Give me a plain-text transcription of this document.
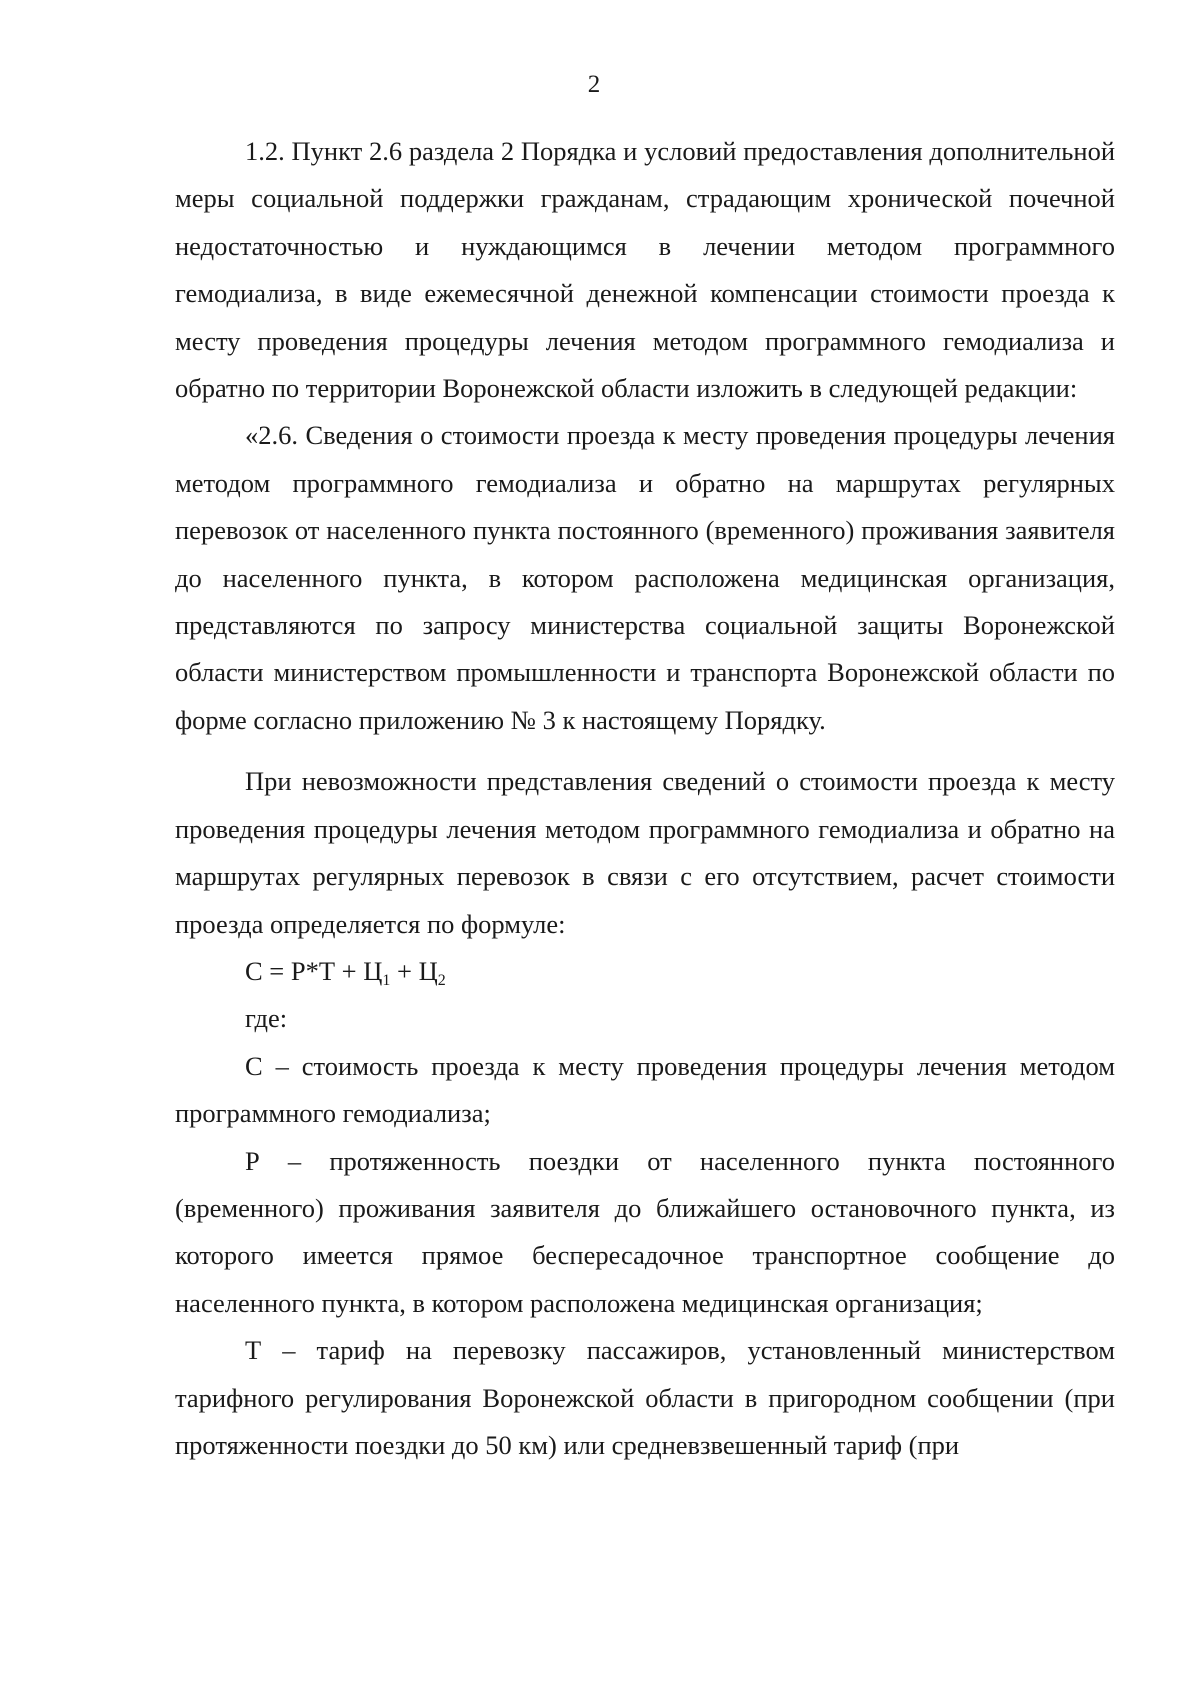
2

1.2. Пункт 2.6 раздела 2 Порядка и условий предоставления дополнительной меры социальной поддержки гражданам, страдающим хронической почечной недостаточностью и нуждающимся в лечении методом программного гемодиализа, в виде ежемесячной денежной компенсации стоимости проезда к месту проведения процедуры лечения методом программного гемодиализа и обратно по территории Воронежской области изложить в следующей редакции:

«2.6. Сведения о стоимости проезда к месту проведения процедуры лечения методом программного гемодиализа и обратно на маршрутах регулярных перевозок от населенного пункта постоянного (временного) проживания заявителя до населенного пункта, в котором расположена медицинская организация, представляются по запросу министерства социальной защиты Воронежской области министерством промышленности и транспорта Воронежской области по форме согласно приложению № 3 к настоящему Порядку.

При невозможности представления сведений о стоимости проезда к месту проведения процедуры лечения методом программного гемодиализа и обратно на маршрутах регулярных перевозок в связи с его отсутствием, расчет стоимости проезда определяется по формуле:

$С = Р*Т + Ц_1 + Ц_2$

где:

С – стоимость проезда к месту проведения процедуры лечения методом программного гемодиализа;

Р – протяженность поездки от населенного пункта постоянного (временного) проживания заявителя до ближайшего остановочного пункта, из которого имеется прямое беспересадочное транспортное сообщение до населенного пункта, в котором расположена медицинская организация;

Т – тариф на перевозку пассажиров, установленный министерством тарифного регулирования Воронежской области в пригородном сообщении (при протяженности поездки до 50 км) или средневзвешенный тариф (при
